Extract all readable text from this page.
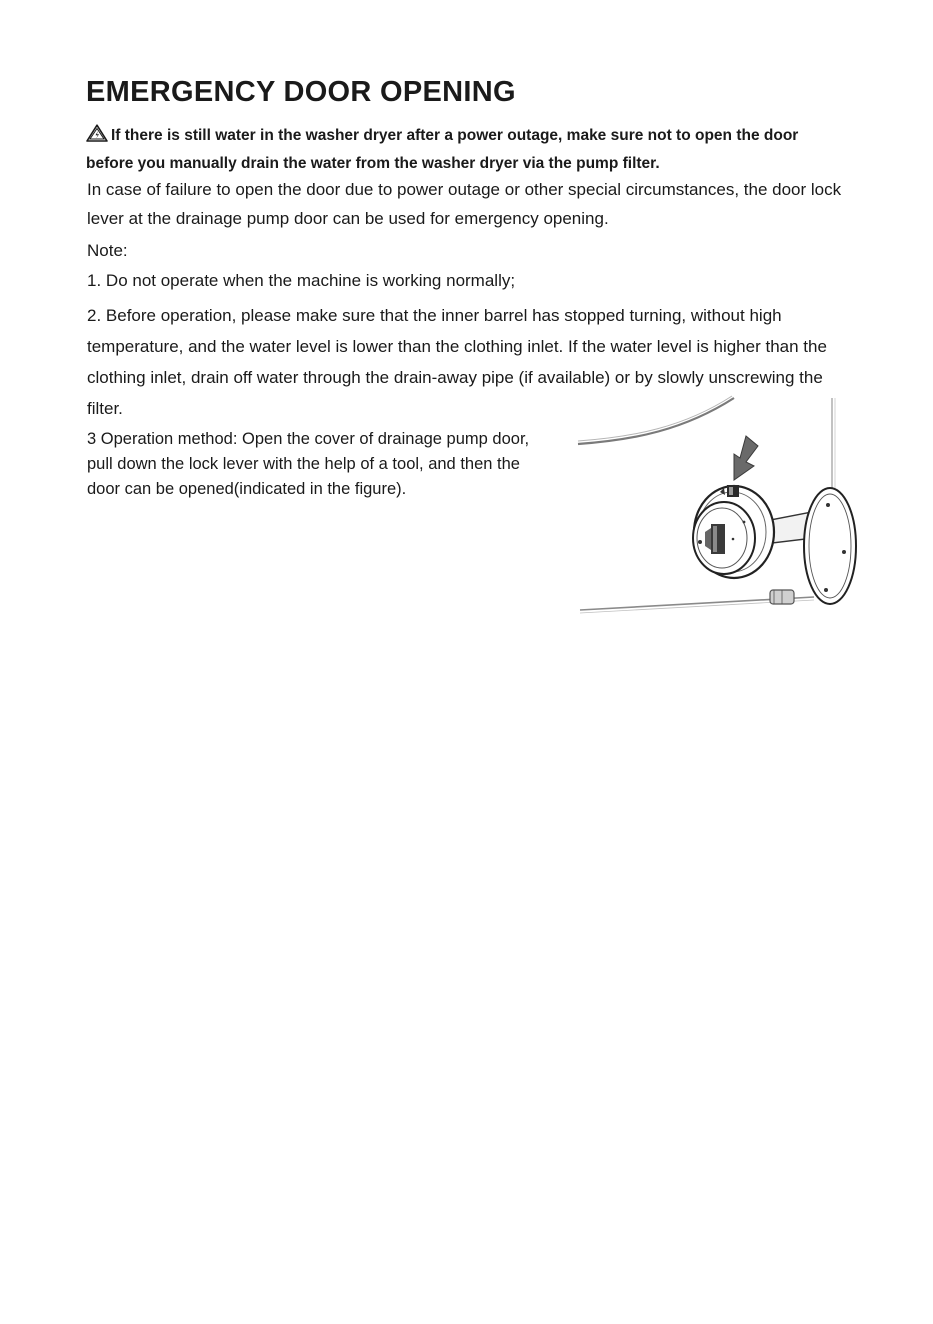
EMERGENCY DOOR OPENING
If there is still water in the washer dryer after a power outage, make sure not to open the door before you manually drain the water from the washer dryer via the pump filter.
In case of failure to open the door due to power outage or other special circumstances, the door lock lever at the drainage pump door can be used for emergency opening.
Note:
1. Do not operate when the machine is working normally;
2. Before operation, please make sure that the inner barrel has stopped turning, without high temperature, and the water level is lower than the clothing inlet. If the water level is higher than the clothing inlet, drain off water through the drain-away pipe (if available) or by slowly unscrewing the filter.
3 Operation method: Open the cover of drainage pump door, pull down the lock lever with the help of a tool, and then the door can be opened(indicated in the figure).
